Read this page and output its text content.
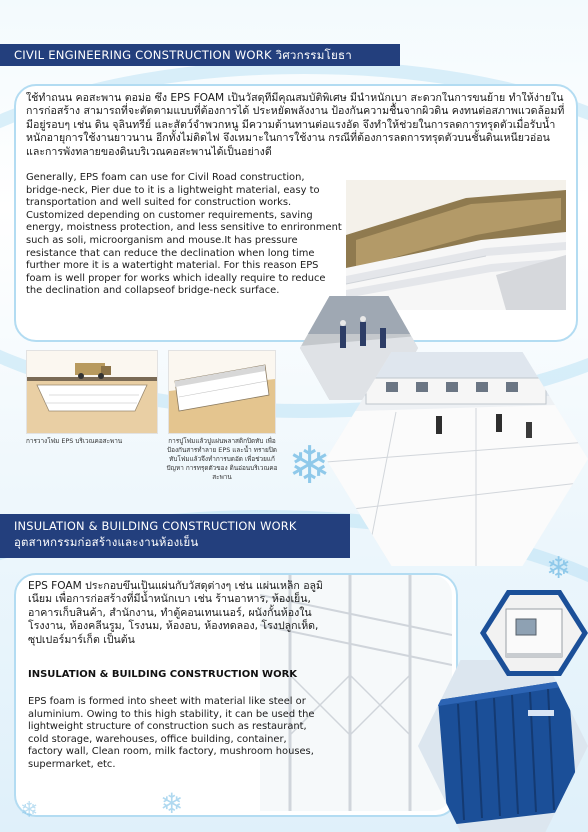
CIVIL ENGINEERING CONSTRUCTION WORK วิศวกรรมโยธา
ใช้ทำถนน คอสะพาน ตอม่อ ซึ่ง EPS FOAM เป็นวัสดุที่มีคุณสมบัติพิเศษ มีน้ำหนักเบา สะดวกในการขนย้าย ทำให้ง่ายในการก่อสร้าง สามารถที่จะตัดตามแบบที่ต้องการได้ ประหยัดพลังงาน ป้องกันความชื้นจากผิวดิน คงทนต่อสภาพแวดล้อมที่มีอยู่รอบๆ เช่น ดิน จุลินทรีย์ และสัตว์จำพวกหนู มีความต้านทานต่อแรงอัด จึงทำให้ช่วยในการลดการทรุดตัวเมื่อรับน้ำหนักอายุการใช้งานยาวนาน อีกทั้งไม่ติดไฟ จึงเหมาะในการใช้งาน กรณีที่ต้องการลดการทรุดตัวบนชั้นดินเหนียวอ่อน และการพังทลายของดินบริเวณคอสะพานได้เป็นอย่างดี
Generally, EPS foam can use for Civil Road construction, bridge-neck, Pier due to it is a lightweight material, easy to transportation and well suited for construction works. Customized depending on customer requirements, saving energy, moistness protection, and less sensitive to enrironment such as soli, microorganism and mouse.It has pressure resistance that can reduce the declination when long time further more it is a watertight material. For this reason EPS foam is well proper for works which ideally require to reduce the declination and collapseof bridge-neck surface.
การวางโฟม EPS บริเวณคอสะพาน	การปูโฟมแล้วปูแผ่นพลาสติกปิดทับ เพื่อป้องกันสารทำลาย EPS และน้ำ ทรายปิดทับโฟมแล้วจึงทำการบดอัด เพื่อช่วยแก้ปัญหา การทรุดตัวของ ดินอ่อนบริเวณคอสะพาน	❄
❄
INSULATION & BUILDING CONSTRUCTION WORK
อุตสาหกรรมก่อสร้างและงานห้องเย็น
EPS FOAM ประกอบขึ้นเป็นแผ่นกับวัสดุต่างๆ เช่น แผ่นเหล็ก อลูมิเนียม เพื่อการก่อสร้างที่มีน้ำหนักเบา เช่น ร้านอาหาร, ห้องเย็น, อาคารเก็บสินค้า, สำนักงาน, ทำตู้คอนเทนเนอร์, ผนังกั้นห้องในโรงงาน, ห้องคลีนรูม, โรงนม, ห้องอบ, ห้องทดลอง, โรงปลูกเห็ด, ซุปเปอร์มาร์เก็ต เป็นต้น
INSULATION & BUILDING CONSTRUCTION WORK
EPS foam is formed into sheet with material like steel or aluminium. Owing to this high stability, it can be used the lightweight structure of construction such as restaurant, cold storage, warehouses, office building, container, factory wall, Clean room, milk factory, mushroom houses, supermarket, etc.
❄
❄
